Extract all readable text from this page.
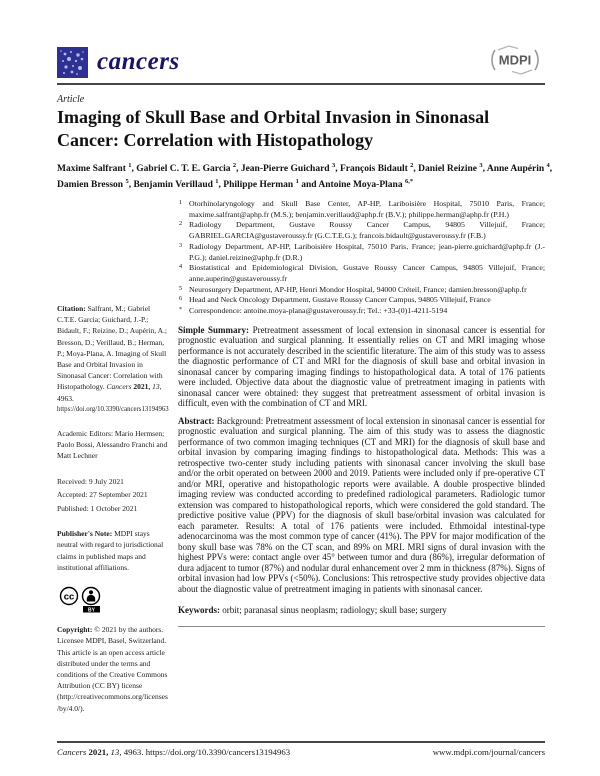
cancers	MDPI
Article
Imaging of Skull Base and Orbital Invasion in Sinonasal Cancer: Correlation with Histopathology
Maxime Salfrant $^1$, Gabriel C. T. E. Garcia $^2$, Jean-Pierre Guichard $^3$, François Bidault $^2$, Daniel Reizine $^3$, Anne Aupérin $^4$, Damien Bresson $^5$, Benjamin Verillaud $^1$, Philippe Herman $^1$ and Antoine Moya-Plana $^{6,*}$

Citation: Salfrant, M.; Gabriel C.T.E. Garcia; Guichard, J.-P.; Bidault, F.; Reizine, D.; Aupérin, A.; Bresson, D.; Verillaud, B.; Herman, P.; Moya-Plana, A. Imaging of Skull Base and Orbital Invasion in Sinonasal Cancer: Correlation with Histopathology. Cancers 2021, 13, 4963.
https://doi.org/10.3390/cancers13194963

Academic Editors: Mario Hermsen; Paolo Bossi, Alessandro Franchi and Matt Lechner

Received: 9 July 2021
Accepted: 27 September 2021
Published: 1 October 2021

Publisher's Note: MDPI stays neutral with regard to jurisdictional claims in published maps and institutional affiliations.

cc
BY

Copyright: © 2021 by the authors. Licensee MDPI, Basel, Switzerland. This article is an open access article distributed under the terms and conditions of the Creative Commons Attribution (CC BY) license (http://creativecommons.org/licenses/by/4.0/).

1 Otorhinolaryngology and Skull Base Center, AP-HP, Lariboisière Hospital, 75010 Paris, France; maxime.salfrant@aphp.fr (M.S.); benjamin.verillaud@aphp.fr (B.V.); philippe.herman@aphp.fr (P.H.)
2 Radiology Department, Gustave Roussy Cancer Campus, 94805 Villejuif, France; GABRIEL.GARCIA@gustaveroussy.fr (G.C.T.E.G.); francois.bidault@gustaveroussy.fr (F.B.)
3 Radiology Department, AP-HP, Lariboisière Hospital, 75010 Paris, France; jean-pierre.guichard@aphp.fr (J.-P.G.); daniel.reizine@aphp.fr (D.R.)
4 Biostatistical and Epidemiological Division, Gustave Roussy Cancer Campus, 94805 Villejuif, France; anne.auperin@gustaveroussy.fr
5 Neurosurgery Department, AP-HP, Henri Mondor Hospital, 94000 Créteil, France; damien.bresson@aphp.fr
6 Head and Neck Oncology Department, Gustave Roussy Cancer Campus, 94805 Villejuif, France
* Correspondence: antoine.moya-plana@gustaveroussy.fr; Tel.: +33-(0)1-4211-5194

Simple Summary: Pretreatment assessment of local extension in sinonasal cancer is essential for prognostic evaluation and surgical planning. It essentially relies on CT and MRI imaging whose performance is not accurately described in the scientific literature. The aim of this study was to assess the diagnostic performance of CT and MRI for the diagnosis of skull base and orbital invasion in sinonasal cancer by comparing imaging findings to histopathological data. A total of 176 patients were included. Objective data about the diagnostic value of pretreatment imaging in patients with sinonasal cancer were obtained: they suggest that pretreatment assessment of orbital invasion is difficult, even with the combination of CT and MRI.

Abstract: Background: Pretreatment assessment of local extension in sinonasal cancer is essential for prognostic evaluation and surgical planning. The aim of this study was to assess the diagnostic performance of two common imaging techniques (CT and MRI) for the diagnosis of skull base and orbital invasion by comparing imaging findings to histopathological data. Methods: This was a retrospective two-center study including patients with sinonasal cancer involving the skull base and/or the orbit operated on between 2000 and 2019. Patients were included only if pre-operative CT and/or MRI, operative and histopathologic reports were available. A double prospective blinded imaging review was conducted according to predefined radiological parameters. Radiologic tumor extension was compared to histopathological reports, which were considered the gold standard. The predictive positive value (PPV) for the diagnosis of skull base/orbital invasion was calculated for each parameter. Results: A total of 176 patients were included. Ethmoidal intestinal-type adenocarcinoma was the most common type of cancer (41%). The PPV for major modification of the bony skull base was 78% on the CT scan, and 89% on MRI. MRI signs of dural invasion with the highest PPVs were: contact angle over 45° between tumor and dura (86%), irregular deformation of dura adjacent to tumor (87%) and nodular dural enhancement over 2 mm in thickness (87%). Signs of orbital invasion had low PPVs (<50%). Conclusions: This retrospective study provides objective data about the diagnostic value of pretreatment imaging in patients with sinonasal cancer.

Keywords: orbit; paranasal sinus neoplasm; radiology; skull base; surgery

Cancers 2021, 13, 4963. https://doi.org/10.3390/cancers13194963	www.mdpi.com/journal/cancers
